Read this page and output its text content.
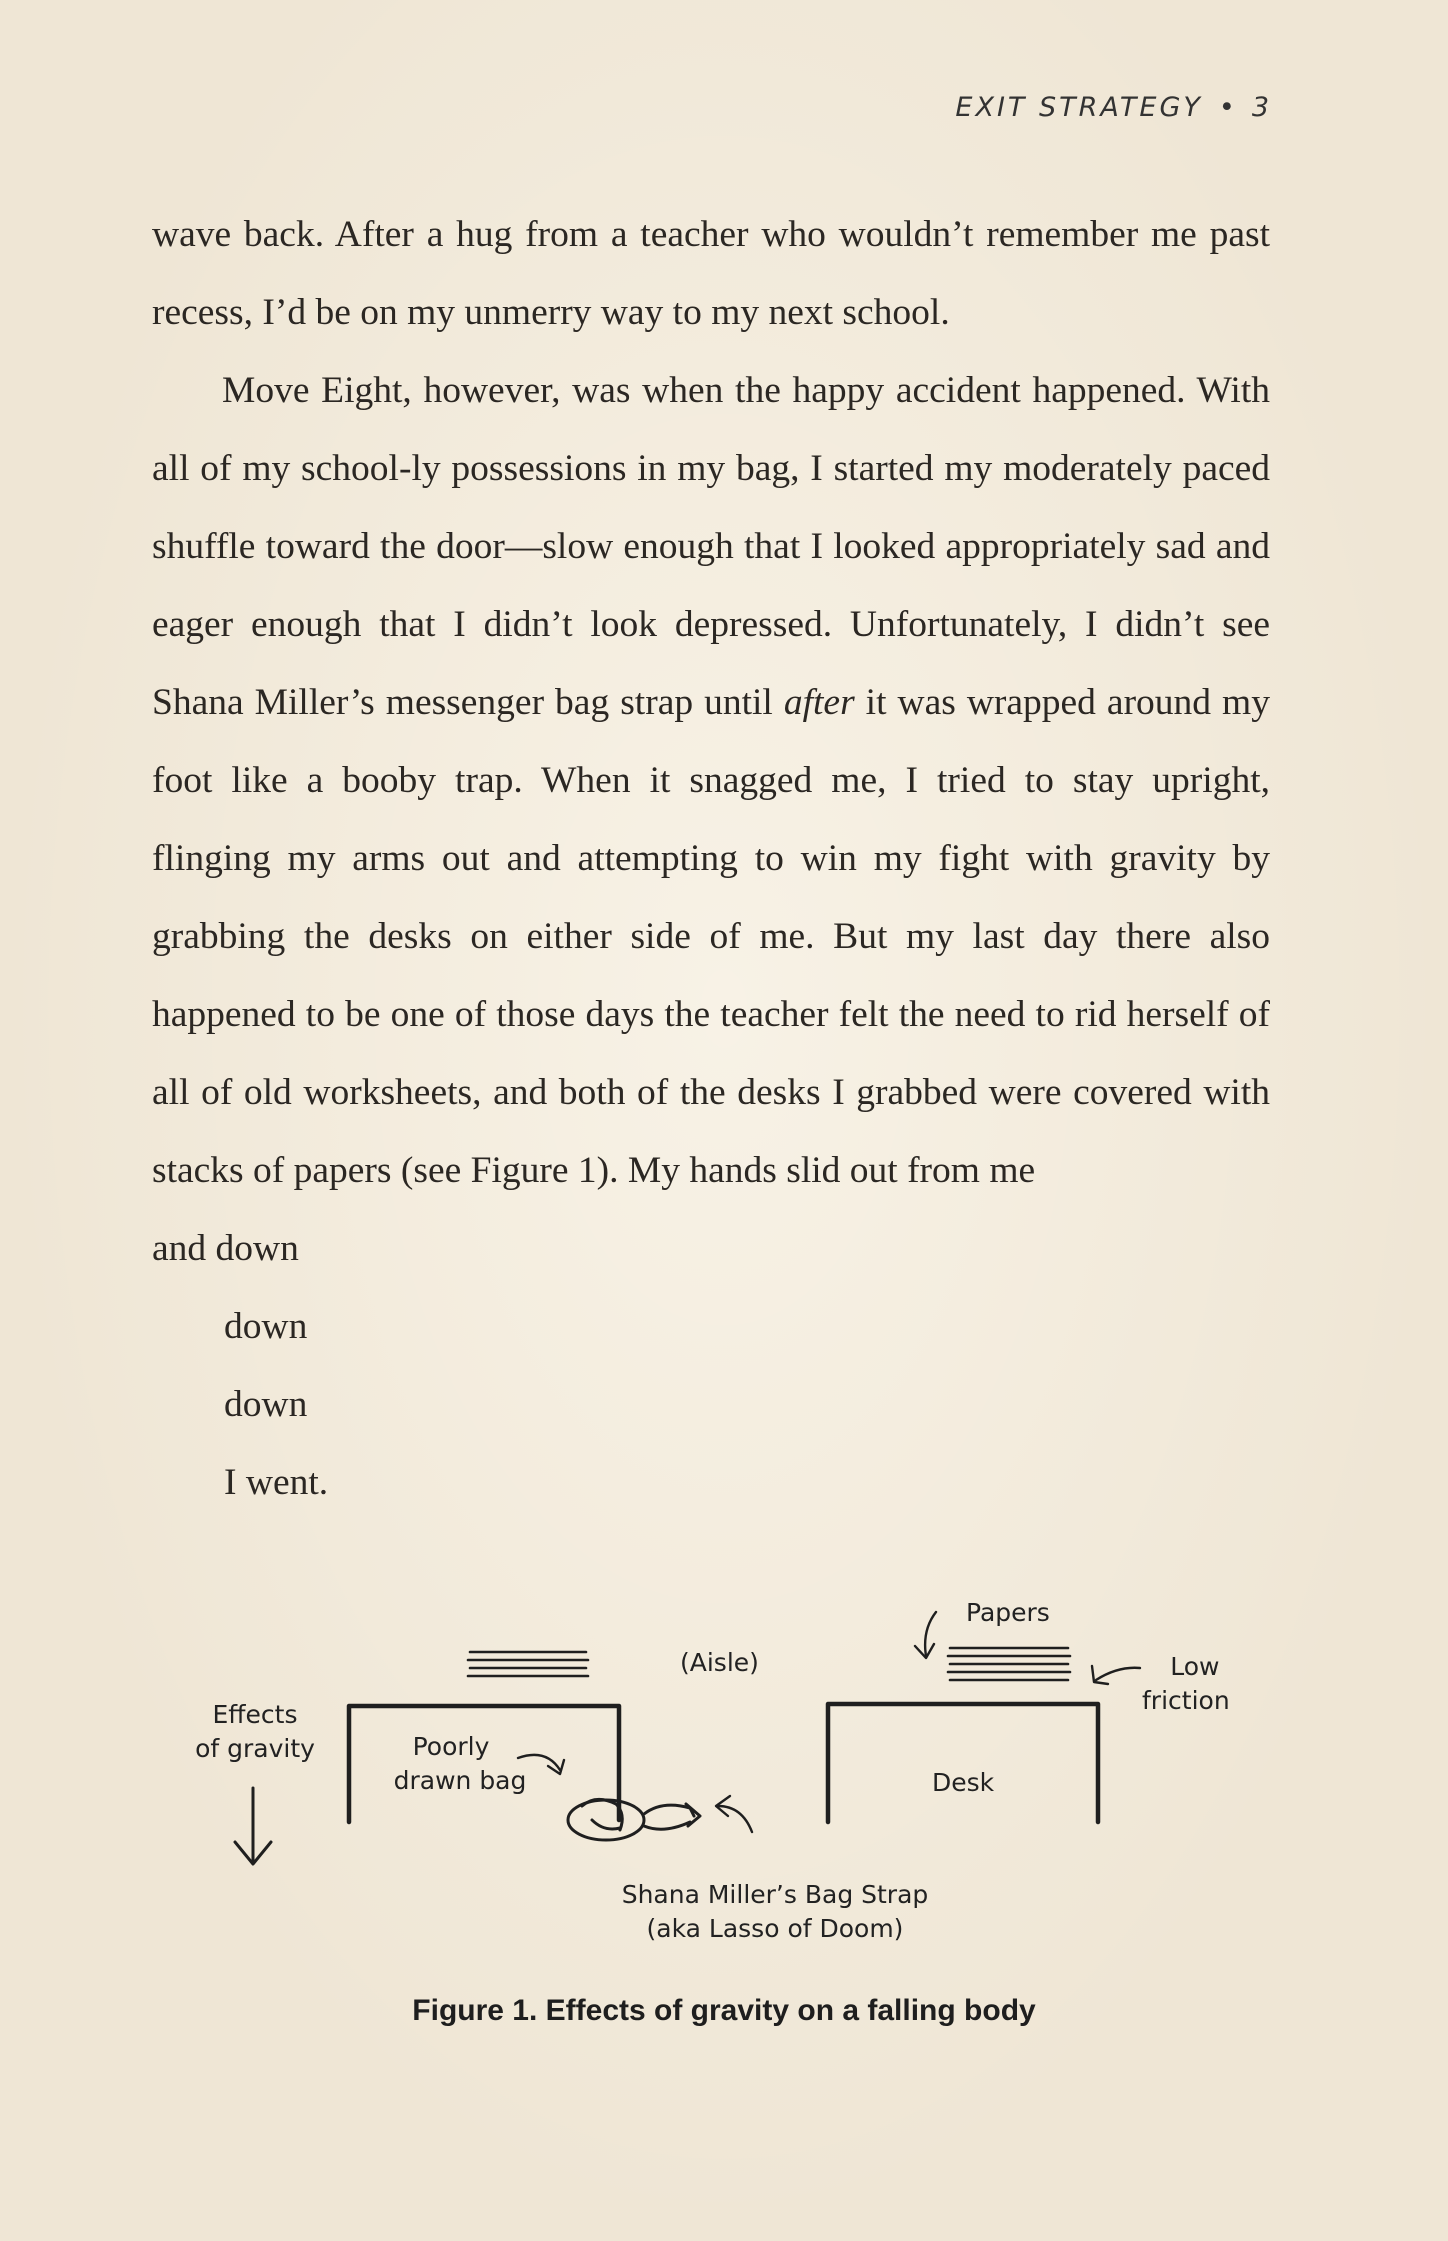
EXIT STRATEGY • 3

wave back. After a hug from a teacher who wouldn’t remember me past recess, I’d be on my unmerry way to my next school.

Move Eight, however, was when the happy accident happened. With all of my school-ly possessions in my bag, I started my moderately paced shuffle toward the door—slow enough that I looked appropriately sad and eager enough that I didn’t look depressed. Unfortunately, I didn’t see Shana Miller’s messenger bag strap until after it was wrapped around my foot like a booby trap. When it snagged me, I tried to stay upright, flinging my arms out and attempting to win my fight with gravity by grabbing the desks on either side of me. But my last day there also happened to be one of those days the teacher felt the need to rid herself of all of old worksheets, and both of the desks I grabbed were covered with stacks of papers (see Figure 1). My hands slid out from me

and down

down
down
I went.
Effects
of gravity
(Aisle)
Papers
Low
friction
Poorly
drawn bag	Desk
Shana Miller’s Bag Strap
(aka Lasso of Doom)
Figure 1. Effects of gravity on a falling body
